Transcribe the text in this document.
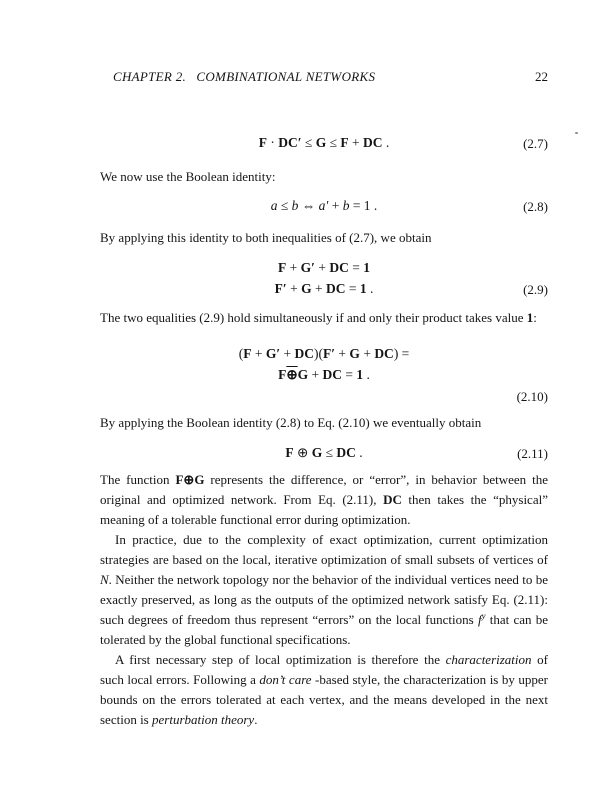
CHAPTER 2.  COMBINATIONAL NETWORKS	22
F · DC′ ≤ G ≤ F + DC .	(2.7)
We now use the Boolean identity:
a ≤ b ⇔ a′ + b = 1 .	(2.8)
By applying this identity to both inequalities of (2.7), we obtain
F + G′ + DC = 1
F′ + G + DC = 1 .	(2.9)
The two equalities (2.9) hold simultaneously if and only their product takes value 1:
(F + G′ + DC)(F′ + G + DC) =
F⊕G + DC = 1 .
(2.10)
By applying the Boolean identity (2.8) to Eq. (2.10) we eventually obtain
F ⊕ G ≤ DC .	(2.11)
The function F⊕G represents the difference, or “error”, in behavior between the original and optimized network. From Eq. (2.11), DC then takes the “physical” meaning of a tolerable functional error during optimization.
In practice, due to the complexity of exact optimization, current optimization strategies are based on the local, iterative optimization of small subsets of vertices of N. Neither the network topology nor the behavior of the individual vertices need to be exactly preserved, as long as the outputs of the optimized network satisfy Eq. (2.11): such degrees of freedom thus represent “errors” on the local functions $f^y$ that can be tolerated by the global functional specifications.
A first necessary step of local optimization is therefore the characterization of such local errors. Following a don’t care -based style, the characterization is by upper bounds on the errors tolerated at each vertex, and the means developed in the next section is perturbation theory.
